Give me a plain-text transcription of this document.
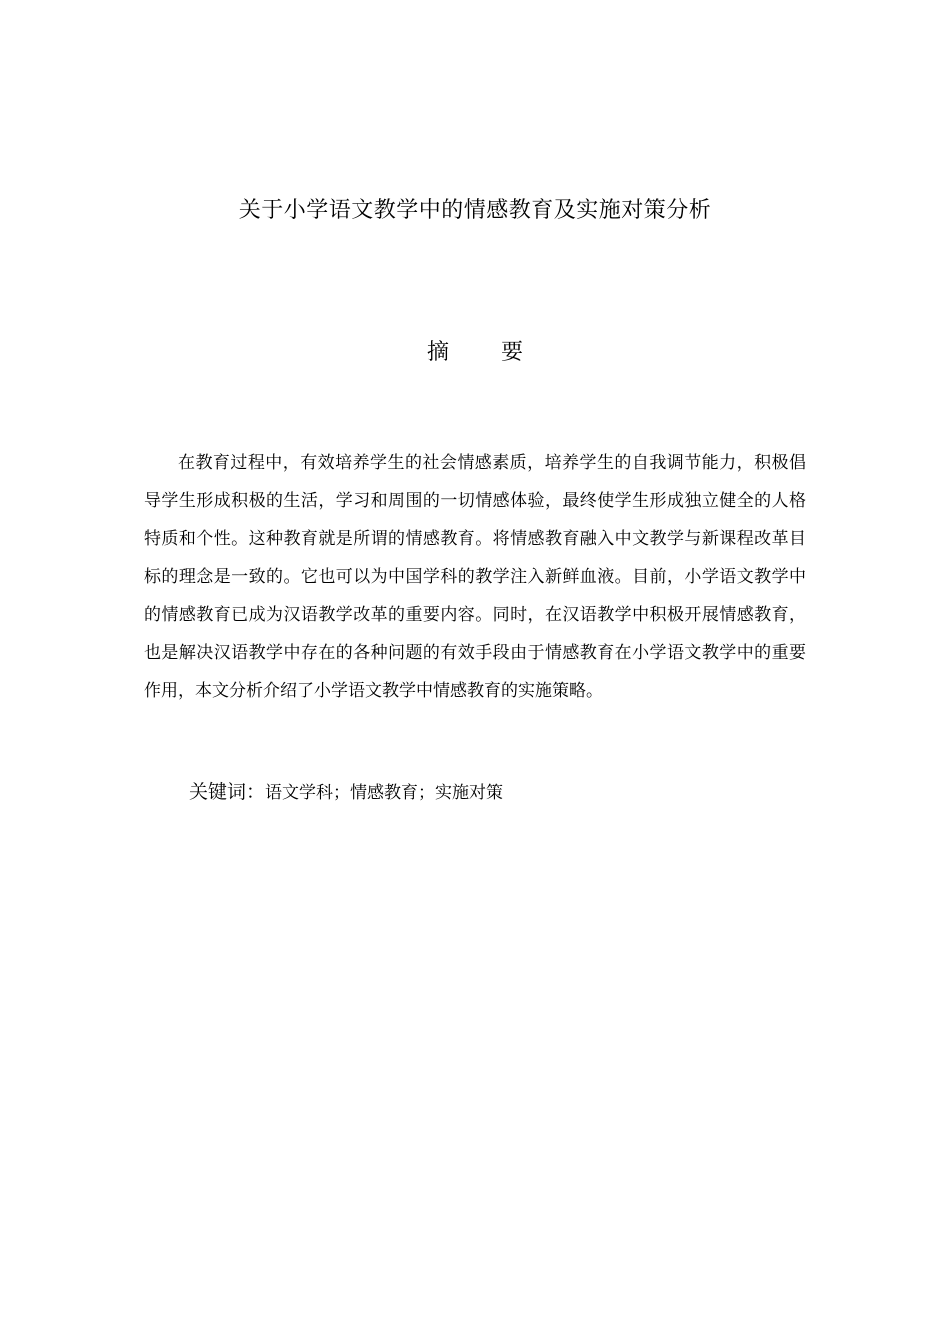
关于小学语文教学中的情感教育及实施对策分析
摘 要

在教育过程中，有效培养学生的社会情感素质，培养学生的自我调节能力，积极倡导学生形成积极的生活，学习和周围的一切情感体验，最终使学生形成独立健全的人格特质和个性。这种教育就是所谓的情感教育。将情感教育融入中文教学与新课程改革目标的理念是一致的。它也可以为中国学科的教学注入新鲜血液。目前，小学语文教学中的情感教育已成为汉语教学改革的重要内容。同时，在汉语教学中积极开展情感教育，也是解决汉语教学中存在的各种问题的有效手段由于情感教育在小学语文教学中的重要作用，本文分析介绍了小学语文教学中情感教育的实施策略。

关键词：语文学科；情感教育；实施对策
